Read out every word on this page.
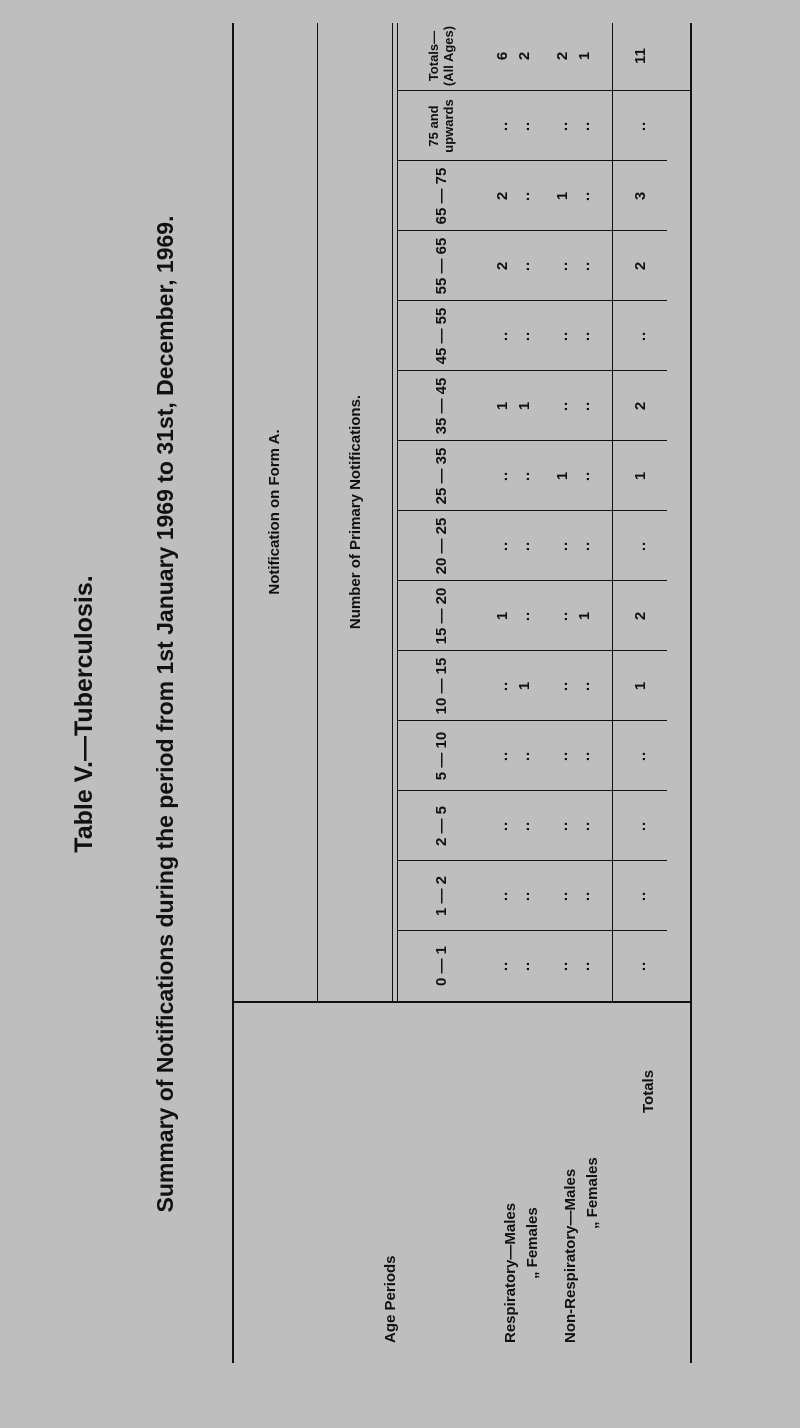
Table V.—Tuberculosis. Summary of Notifications during the period from 1st January 1969 to 31st, December, 1969.	Notification on Form A.	Number of Primary Notifications.
Age Periods	Respiratory—Males „ Females Non-Respiratory—Males „ Females
Totals
0 — 1	.. .. .. ..	..
1 — 2	.. .. .. ..	..
2 — 5	.. .. .. ..	..
5 — 10	.. .. .. ..	..
10 — 15	.. 1 .. ..	1
15 — 20	1 .. .. 1	2
20 — 25	.. .. .. ..	..
25 — 35	.. .. 1 ..	1
35 — 45	1 1 .. ..	2
45 — 55	.. .. .. ..	..
55 — 65	2 .. .. ..	2
65 — 75	2 .. 1 ..	3
75 and upwards	.. .. .. ..	..
Totals— (All Ages)	6 2 2 1	11
